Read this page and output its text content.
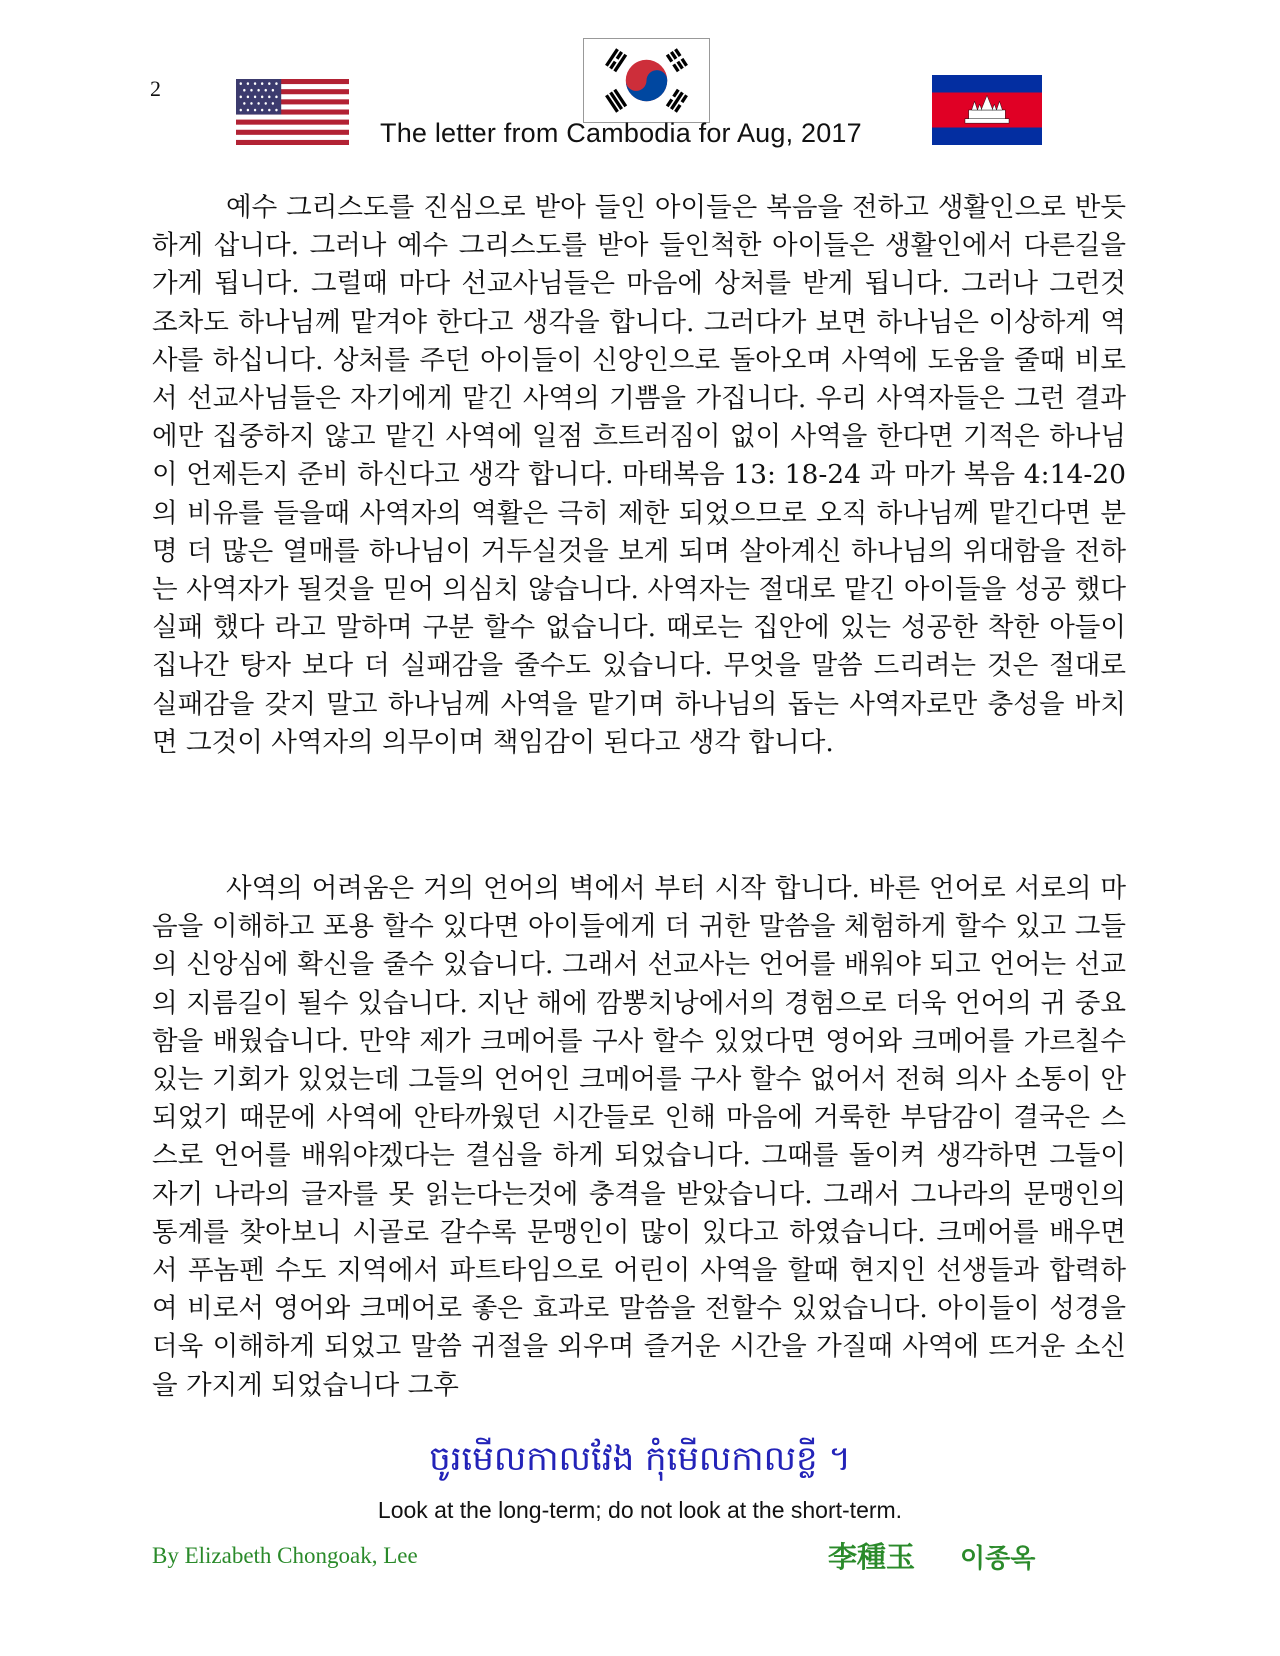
2
The letter from Cambodia for Aug, 2017

예수 그리스도를 진심으로 받아 들인 아이들은 복음을 전하고 생활인으로 반듯하게 삽니다. 그러나 예수 그리스도를 받아 들인척한 아이들은 생활인에서 다른길을 가게 됩니다. 그럴때 마다 선교사님들은 마음에 상처를 받게 됩니다. 그러나 그런것 조차도 하나님께 맡겨야 한다고 생각을 합니다. 그러다가 보면 하나님은 이상하게 역사를 하십니다. 상처를 주던 아이들이 신앙인으로 돌아오며 사역에 도움을 줄때 비로서 선교사님들은 자기에게 맡긴 사역의 기쁨을 가집니다. 우리 사역자들은 그런 결과에만 집중하지 않고 맡긴 사역에 일점 흐트러짐이 없이 사역을 한다면 기적은 하나님이 언제든지 준비 하신다고 생각 합니다. 마태복음 13: 18-24 과 마가 복음 4:14-20 의 비유를 들을때 사역자의 역활은 극히 제한 되었으므로 오직 하나님께 맡긴다면 분명 더 많은 열매를 하나님이 거두실것을 보게 되며 살아계신 하나님의 위대함을 전하는 사역자가 될것을 믿어 의심치 않습니다. 사역자는 절대로 맡긴 아이들을 성공 했다 실패 했다 라고 말하며 구분 할수 없습니다. 때로는 집안에 있는 성공한 착한 아들이 집나간 탕자 보다 더 실패감을 줄수도 있습니다. 무엇을 말씀 드리려는 것은 절대로 실패감을 갖지 말고 하나님께 사역을 맡기며 하나님의 돕는 사역자로만 충성을 바치면 그것이 사역자의 의무이며 책임감이 된다고 생각 합니다.

사역의 어려움은 거의 언어의 벽에서 부터 시작 합니다. 바른 언어로 서로의 마음을 이해하고 포용 할수 있다면 아이들에게 더 귀한 말씀을 체험하게 할수 있고 그들의 신앙심에 확신을 줄수 있습니다. 그래서 선교사는 언어를 배워야 되고 언어는 선교의 지름길이 될수 있습니다. 지난 해에 깜뽕치낭에서의 경험으로 더욱 언어의 귀 중요함을 배웠습니다. 만약 제가 크메어를 구사 할수 있었다면 영어와 크메어를 가르칠수 있는 기회가 있었는데 그들의 언어인 크메어를 구사 할수 없어서 전혀 의사 소통이 안되었기 때문에 사역에 안타까웠던 시간들로 인해 마음에 거룩한 부담감이 결국은 스스로 언어를 배워야겠다는 결심을 하게 되었습니다. 그때를 돌이켜 생각하면 그들이 자기 나라의 글자를 못 읽는다는것에 충격을 받았습니다. 그래서 그나라의 문맹인의 통계를 찾아보니 시골로 갈수록 문맹인이 많이 있다고 하였습니다. 크메어를 배우면서 푸놈펜 수도 지역에서 파트타임으로 어린이 사역을 할때 현지인 선생들과 합력하여 비로서 영어와 크메어로 좋은 효과로 말씀을 전할수 있었습니다. 아이들이 성경을 더욱 이해하게 되었고 말씀 귀절을 외우며 즐거운 시간을 가질때 사역에 뜨거운 소신을 가지게 되었습니다 그후

ចូរមើលកាលវែង កុំមើលកាលខ្លី ។
Look at the long-term; do not look at the short-term.
By Elizabeth Chongoak, Lee	李種玉 이종옥
